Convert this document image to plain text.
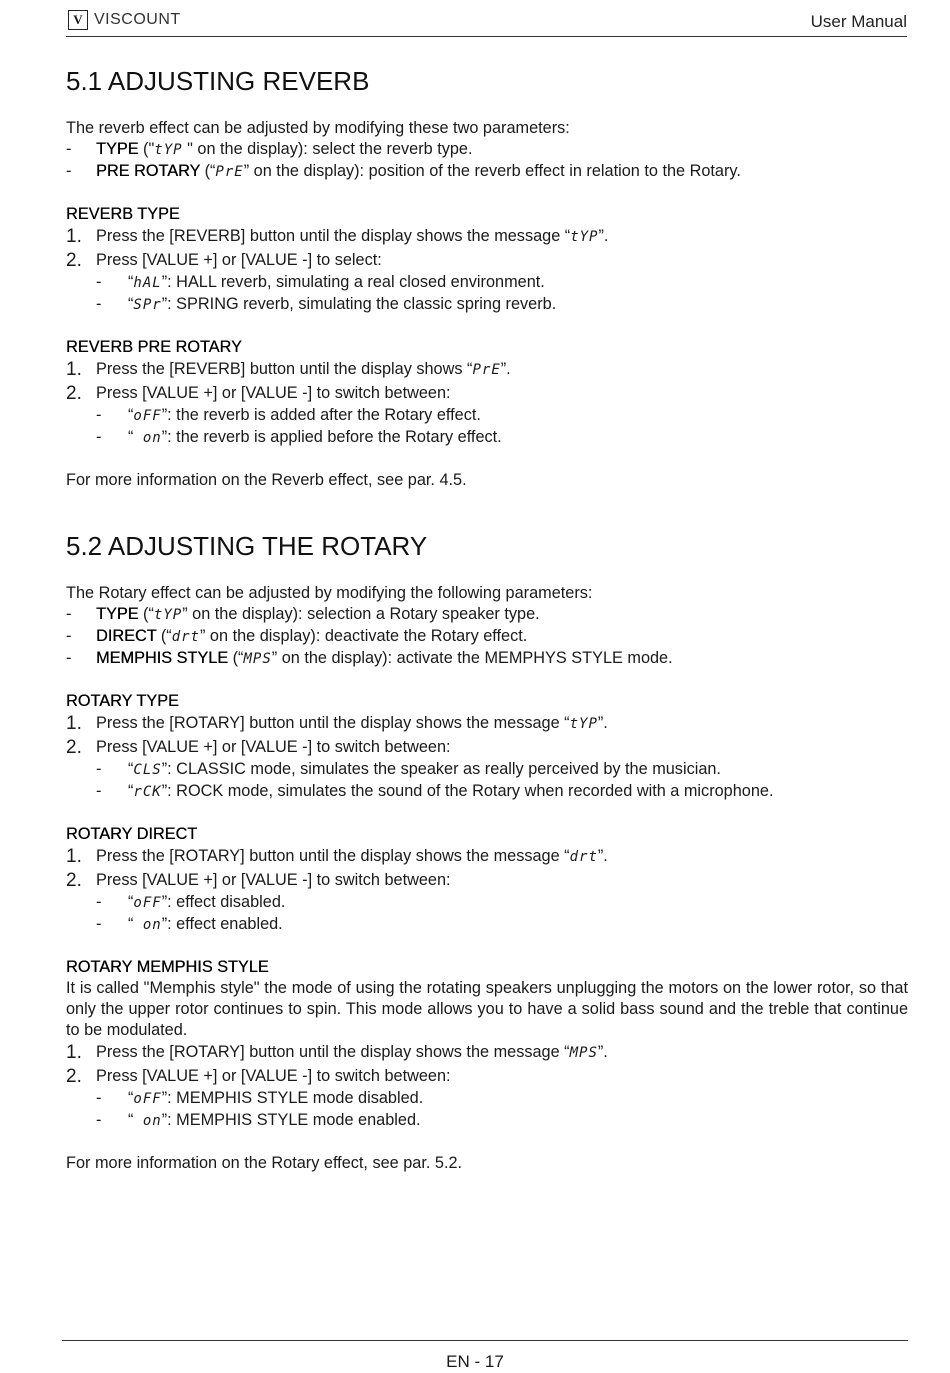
V VISCOUNT	User Manual
5.1 ADJUSTING REVERB

The reverb effect can be adjusted by modifying these two parameters:

-	TYPE ("tYP " on the display): select the reverb type.
-	PRE ROTARY (“PrE” on the display): position of the reverb effect in relation to the Rotary.

REVERB TYPE

1. Press the [REVERB] button until the display shows the message “tYP”.
2. Press [VALUE +] or [VALUE -] to select:
-	“hAL”: HALL reverb, simulating a real closed environment.
-	“SPr”: SPRING reverb, simulating the classic spring reverb.

REVERB PRE ROTARY

1. Press the [REVERB] button until the display shows “PrE”.
2. Press [VALUE +] or [VALUE -] to switch between:
-	“oFF”: the reverb is added after the Rotary effect.
-	“ on”: the reverb is applied before the Rotary effect.

For more information on the Reverb effect, see par. 4.5.

5.2 ADJUSTING THE ROTARY

The Rotary effect can be adjusted by modifying the following parameters:

-	TYPE (“tYP” on the display): selection a Rotary speaker type.
-	DIRECT (“drt” on the display): deactivate the Rotary effect.
-	MEMPHIS STYLE (“MPS” on the display): activate the MEMPHYS STYLE mode.

ROTARY TYPE

1. Press the [ROTARY] button until the display shows the message “tYP”.
2. Press [VALUE +] or [VALUE -] to switch between:
-	“CLS”: CLASSIC mode, simulates the speaker as really perceived by the musician.
-	“rCK”: ROCK mode, simulates the sound of the Rotary when recorded with a microphone.

ROTARY DIRECT

1. Press the [ROTARY] button until the display shows the message “drt”.
2. Press [VALUE +] or [VALUE -] to switch between:
-	“oFF”: effect disabled.
-	“ on”: effect enabled.

ROTARY MEMPHIS STYLE

It is called "Memphis style" the mode of using the rotating speakers unplugging the motors on the lower rotor, so that only the upper rotor continues to spin. This mode allows you to have a solid bass sound and the treble that continue to be modulated.

1. Press the [ROTARY] button until the display shows the message “MPS”.
2. Press [VALUE +] or [VALUE -] to switch between:
-	“oFF”: MEMPHIS STYLE mode disabled.
-	“ on”: MEMPHIS STYLE mode enabled.

For more information on the Rotary effect, see par. 5.2.

EN - 17
